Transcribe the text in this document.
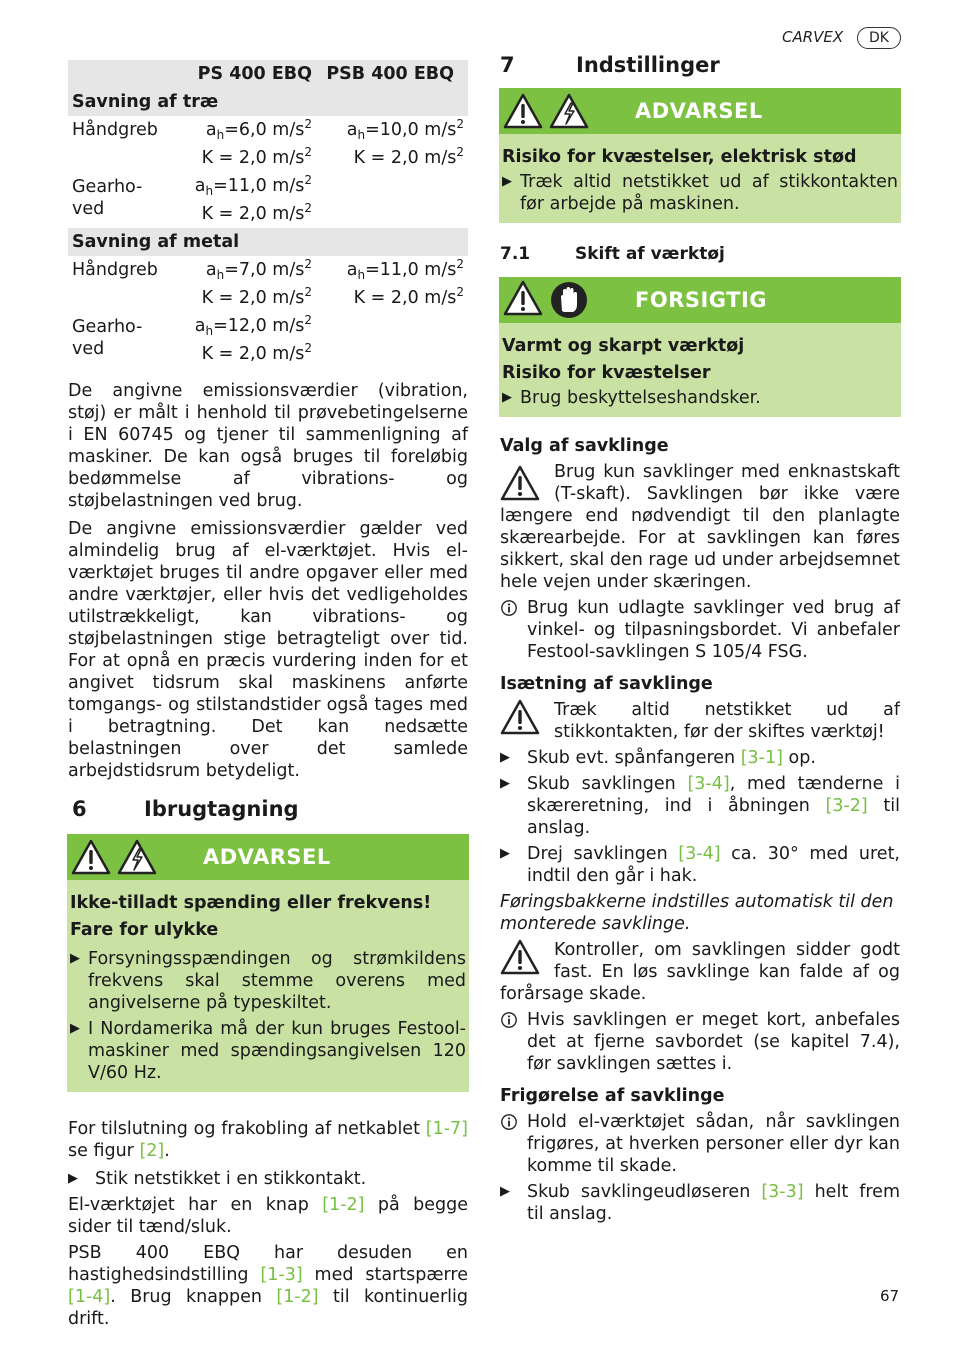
CARVEX	DK
	PS 400 EBQ	PSB 400 EBQ
Savning af træ		
Håndgreb	$a_h=6,0$ $m/s^2$	$a_h=10,0$ $m/s^2$
	K = 2,0 $m/s^2$	K = 2,0 $m/s^2$
Gearho-ved	$a_h=11,0$ $m/s^2$	
	K = 2,0 $m/s^2$	
Savning af metal		
Håndgreb	$a_h=7,0$ $m/s^2$	$a_h=11,0$ $m/s^2$
	K = 2,0 $m/s^2$	K = 2,0 $m/s^2$
Gearho-ved	$a_h=12,0$ $m/s^2$	
	K = 2,0 $m/s^2$	

De angivne emissionsværdier (vibration, støj) er målt i henhold til prøvebetingelserne i EN 60745 og tjener til sammenligning af maskiner. De kan også bruges til foreløbig bedømmelse af vibrations- og støjbelastningen ved brug.

De angivne emissionsværdier gælder ved almindelig brug af el-værktøjet. Hvis el-værktøjet bruges til andre opgaver eller med andre værktøjer, eller hvis det vedligeholdes utilstrækkeligt, kan vibrations- og støjbelastningen stige betragteligt over tid. For at opnå en præcis vurdering inden for et angivet tidsrum skal maskinens anførte tomgangs- og stilstandstider også tages med i betragtning. Det kan nedsætte belastningen over det samlede arbejdstidsrum betydeligt.

6	Ibrugtagning
ADVARSEL
Ikke-tilladt spænding eller frekvens!
Fare for ulykke
▶ Forsyningsspændingen og strømkildens frekvens skal stemme overens med angivelserne på typeskiltet.
▶ I Nordamerika må der kun bruges Festool-maskiner med spændingsangivelsen 120 V/60 Hz.

For tilslutning og frakobling af netkablet [1-7] se figur [2].

▶ Stik netstikket i en stikkontakt.

El-værktøjet har en knap [1-2] på begge sider til tænd/sluk.

PSB 400 EBQ har desuden en hastighedsindstilling [1-3] med startspærre [1-4]. Brug knappen [1-2] til kontinuerlig drift.

7	Indstillinger
ADVARSEL
Risiko for kvæstelser, elektrisk stød
▶ Træk altid netstikket ud af stikkontakten før arbejde på maskinen.
7.1	Skift af værktøj
FORSIGTIG
Varmt og skarpt værktøj
Risiko for kvæstelser
▶ Brug beskyttelseshandsker.
Valg af savklinge

Brug kun savklinger med enknastskaft (T-skaft). Savklingen bør ikke være længere end nødvendigt til den planlagte skærearbejde. For at savklingen kan føres sikkert, skal den rage ud under arbejdsemnet hele vejen under skæringen.

Brug kun udlagte savklinger ved brug af vinkel- og tilpasningsbordet. Vi anbefaler Festool-savklingen S 105/4 FSG.
Isætning af savklinge

Træk altid netstikket ud af stikkontakten, før der skiftes værktøj!

▶ Skub evt. spånfangeren [3-1] op.
▶ Skub savklingen [3-4], med tænderne i skæreretning, ind i åbningen [3-2] til anslag.
▶ Drej savklingen [3-4] ca. 30° med uret, indtil den går i hak.

Føringsbakkerne indstilles automatisk til den monterede savklinge.

Kontroller, om savklingen sidder godt fast. En løs savklinge kan falde af og forårsage skade.

Hvis savklingen er meget kort, anbefales det at fjerne savbordet (se kapitel 7.4), før savklingen sættes i.
Frigørelse af savklinge
Hold el-værktøjet sådan, når savklingen frigøres, at hverken personer eller dyr kan komme til skade.
▶ Skub savklingeudløseren [3-3] helt frem til anslag.
67
